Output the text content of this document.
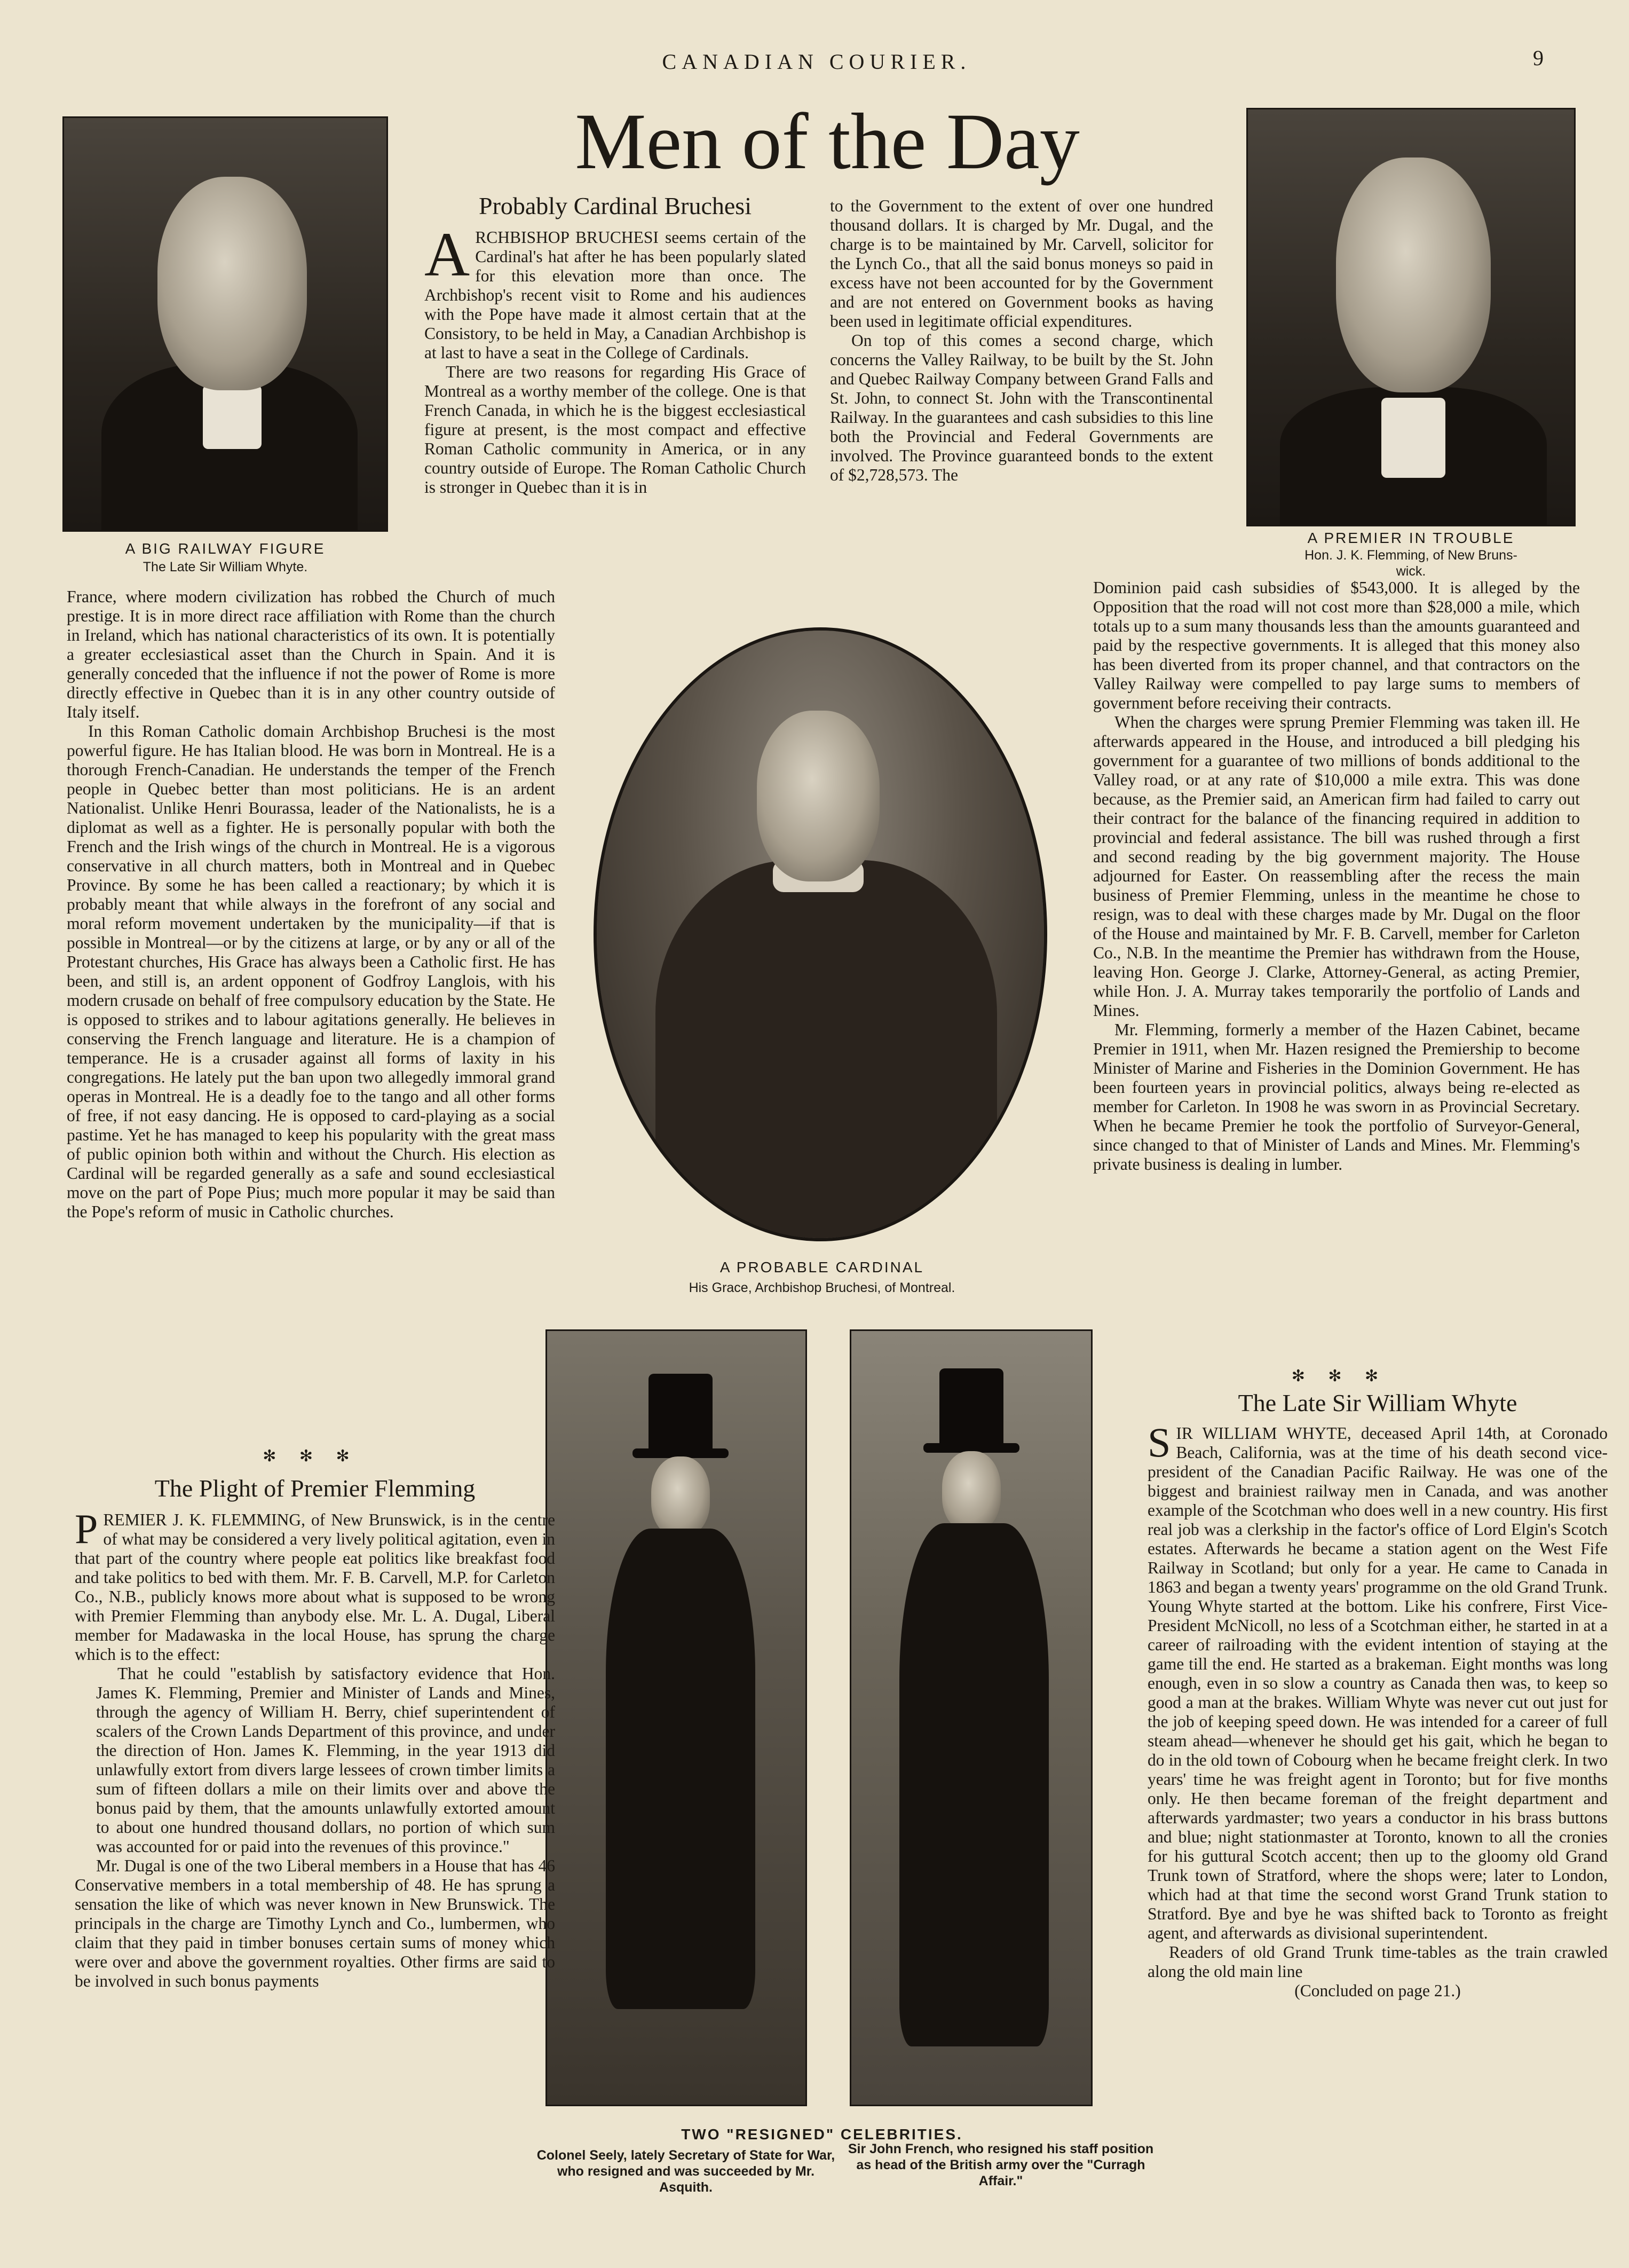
CANADIAN COURIER.	9
Men of the Day
A BIG RAILWAY FIGURE
The Late Sir William Whyte.
A PREMIER IN TROUBLE
Hon. J. K. Flemming, of New Bruns-
wick.
A PROBABLE CARDINAL
His Grace, Archbishop Bruchesi, of Montreal.
TWO "RESIGNED" CELEBRITIES.
Colonel Seely, lately Secretary of State for War, who resigned and was succeeded by Mr. Asquith.
Sir John French, who resigned his staff position as head of the British army over the "Curragh Affair."
Probably Cardinal Bruchesi

ARCHBISHOP BRUCHESI seems certain of the Cardinal's hat after he has been popularly slated for this elevation more than once. The Archbishop's recent visit to Rome and his audiences with the Pope have made it almost certain that at the Consistory, to be held in May, a Canadian Archbishop is at last to have a seat in the College of Cardinals.

There are two reasons for regarding His Grace of Montreal as a worthy member of the college. One is that French Canada, in which he is the biggest ecclesiastical figure at present, is the most compact and effective Roman Catholic community in America, or in any country outside of Europe. The Roman Catholic Church is stronger in Quebec than it is in

to the Government to the extent of over one hundred thousand dollars. It is charged by Mr. Dugal, and the charge is to be maintained by Mr. Carvell, solicitor for the Lynch Co., that all the said bonus moneys so paid in excess have not been accounted for by the Government and are not entered on Government books as having been used in legitimate official expenditures.

On top of this comes a second charge, which concerns the Valley Railway, to be built by the St. John and Quebec Railway Company between Grand Falls and St. John, to connect St. John with the Transcontinental Railway. In the guarantees and cash subsidies to this line both the Provincial and Federal Governments are involved. The Province guaranteed bonds to the extent of $2,728,573. The

France, where modern civilization has robbed the Church of much prestige. It is in more direct race affiliation with Rome than the church in Ireland, which has national characteristics of its own. It is potentially a greater ecclesiastical asset than the Church in Spain. And it is generally conceded that the influence if not the power of Rome is more directly effective in Quebec than it is in any other country outside of Italy itself.

In this Roman Catholic domain Archbishop Bruchesi is the most powerful figure. He has Italian blood. He was born in Montreal. He is a thorough French-Canadian. He understands the temper of the French people in Quebec better than most politicians. He is an ardent Nationalist. Unlike Henri Bourassa, leader of the Nationalists, he is a diplomat as well as a fighter. He is personally popular with both the French and the Irish wings of the church in Montreal. He is a vigorous conservative in all church matters, both in Montreal and in Quebec Province. By some he has been called a reactionary; by which it is probably meant that while always in the forefront of any social and moral reform movement undertaken by the municipality—if that is possible in Montreal—or by the citizens at large, or by any or all of the Protestant churches, His Grace has always been a Catholic first. He has been, and still is, an ardent opponent of Godfroy Langlois, with his modern crusade on behalf of free compulsory education by the State. He is opposed to strikes and to labour agitations generally. He believes in conserving the French language and literature. He is a champion of temperance. He is a crusader against all forms of laxity in his congregations. He lately put the ban upon two allegedly immoral grand operas in Montreal. He is a deadly foe to the tango and all other forms of free, if not easy dancing. He is opposed to card-playing as a social pastime. Yet he has managed to keep his popularity with the great mass of public opinion both within and without the Church. His election as Cardinal will be regarded generally as a safe and sound ecclesiastical move on the part of Pope Pius; much more popular it may be said than the Pope's reform of music in Catholic churches.

✻ ✻ ✻
The Plight of Premier Flemming

PREMIER J. K. FLEMMING, of New Brunswick, is in the centre of what may be considered a very lively political agitation, even in that part of the country where people eat politics like breakfast food and take politics to bed with them. Mr. F. B. Carvell, M.P. for Carleton Co., N.B., publicly knows more about what is supposed to be wrong with Premier Flemming than anybody else. Mr. L. A. Dugal, Liberal member for Madawaska in the local House, has sprung the charge which is to the effect:

That he could "establish by satisfactory evidence that Hon. James K. Flemming, Premier and Minister of Lands and Mines, through the agency of William H. Berry, chief superintendent of scalers of the Crown Lands Department of this province, and under the direction of Hon. James K. Flemming, in the year 1913 did unlawfully extort from divers large lessees of crown timber limits a sum of fifteen dollars a mile on their limits over and above the bonus paid by them, that the amounts unlawfully extorted amount to about one hundred thousand dollars, no portion of which sum was accounted for or paid into the revenues of this province."

Mr. Dugal is one of the two Liberal members in a House that has 46 Conservative members in a total membership of 48. He has sprung a sensation the like of which was never known in New Brunswick. The principals in the charge are Timothy Lynch and Co., lumbermen, who claim that they paid in timber bonuses certain sums of money which were over and above the government royalties. Other firms are said to be involved in such bonus payments

Dominion paid cash subsidies of $543,000. It is alleged by the Opposition that the road will not cost more than $28,000 a mile, which totals up to a sum many thousands less than the amounts guaranteed and paid by the respective governments. It is alleged that this money also has been diverted from its proper channel, and that contractors on the Valley Railway were compelled to pay large sums to members of government before receiving their contracts.

When the charges were sprung Premier Flemming was taken ill. He afterwards appeared in the House, and introduced a bill pledging his government for a guarantee of two millions of bonds additional to the Valley road, or at any rate of $10,000 a mile extra. This was done because, as the Premier said, an American firm had failed to carry out their contract for the balance of the financing required in addition to provincial and federal assistance. The bill was rushed through a first and second reading by the big government majority. The House adjourned for Easter. On reassembling after the recess the main business of Premier Flemming, unless in the meantime he chose to resign, was to deal with these charges made by Mr. Dugal on the floor of the House and maintained by Mr. F. B. Carvell, member for Carleton Co., N.B. In the meantime the Premier has withdrawn from the House, leaving Hon. George J. Clarke, Attorney-General, as acting Premier, while Hon. J. A. Murray takes temporarily the portfolio of Lands and Mines.

Mr. Flemming, formerly a member of the Hazen Cabinet, became Premier in 1911, when Mr. Hazen resigned the Premiership to become Minister of Marine and Fisheries in the Dominion Government. He has been fourteen years in provincial politics, always being re-elected as member for Carleton. In 1908 he was sworn in as Provincial Secretary. When he became Premier he took the portfolio of Surveyor-General, since changed to that of Minister of Lands and Mines. Mr. Flemming's private business is dealing in lumber.

✻ ✻ ✻
The Late Sir William Whyte

SIR WILLIAM WHYTE, deceased April 14th, at Coronado Beach, California, was at the time of his death second vice-president of the Canadian Pacific Railway. He was one of the biggest and brainiest railway men in Canada, and was another example of the Scotchman who does well in a new country. His first real job was a clerkship in the factor's office of Lord Elgin's Scotch estates. Afterwards he became a station agent on the West Fife Railway in Scotland; but only for a year. He came to Canada in 1863 and began a twenty years' programme on the old Grand Trunk. Young Whyte started at the bottom. Like his confrere, First Vice-President McNicoll, no less of a Scotchman either, he started in at a career of railroading with the evident intention of staying at the game till the end. He started as a brakeman. Eight months was long enough, even in so slow a country as Canada then was, to keep so good a man at the brakes. William Whyte was never cut out just for the job of keeping speed down. He was intended for a career of full steam ahead—whenever he should get his gait, which he began to do in the old town of Cobourg when he became freight clerk. In two years' time he was freight agent in Toronto; but for five months only. He then became foreman of the freight department and afterwards yardmaster; two years a conductor in his brass buttons and blue; night stationmaster at Toronto, known to all the cronies for his guttural Scotch accent; then up to the gloomy old Grand Trunk town of Stratford, where the shops were; later to London, which had at that time the second worst Grand Trunk station to Stratford. Bye and bye he was shifted back to Toronto as freight agent, and afterwards as divisional superintendent.

Readers of old Grand Trunk time-tables as the train crawled along the old main line

(Concluded on page 21.)
